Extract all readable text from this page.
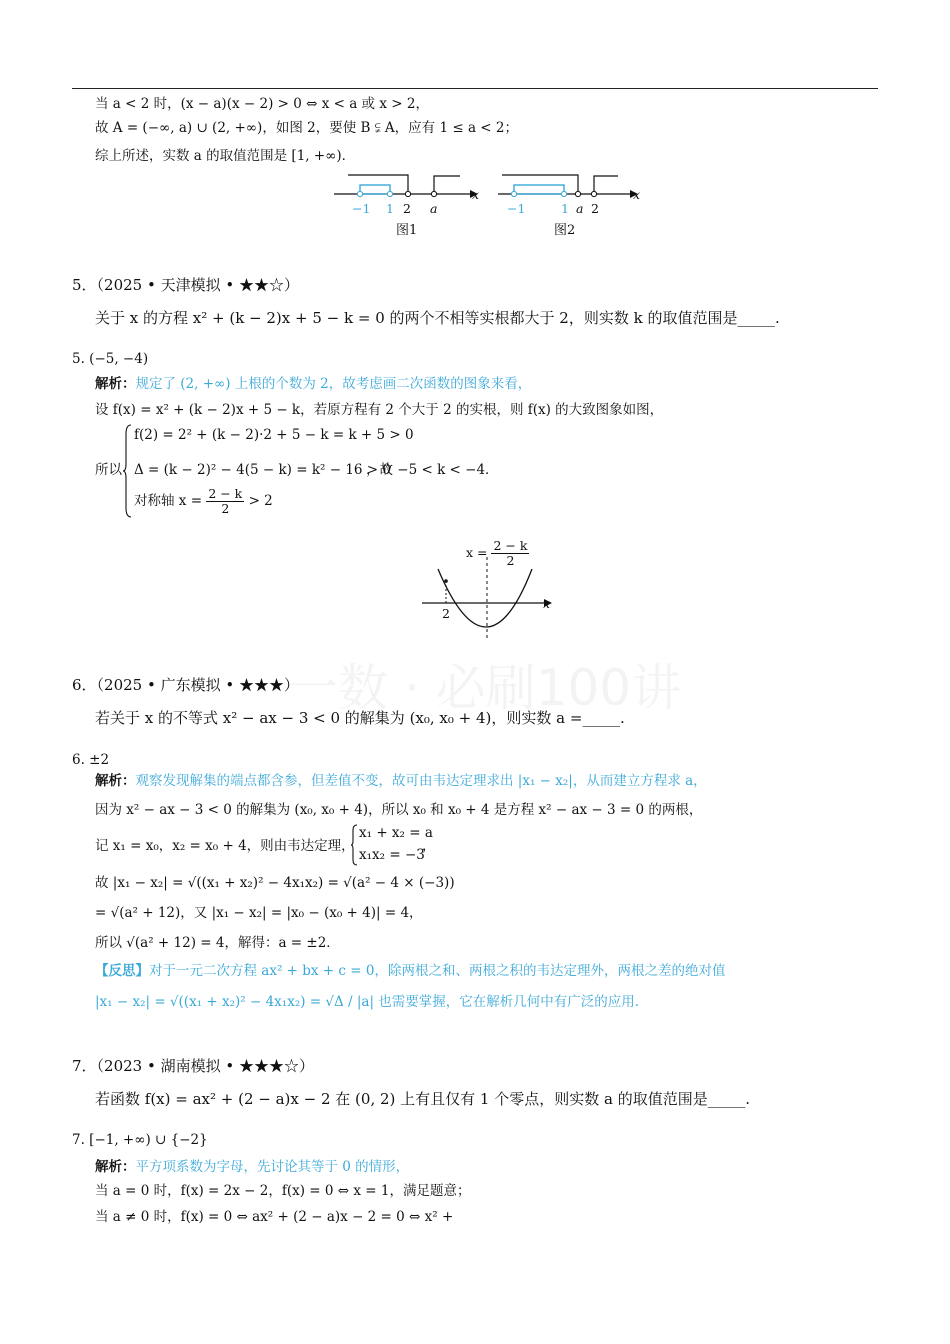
当 a < 2 时，(x − a)(x − 2) > 0 ⇔ x < a 或 x > 2，
故 A = (−∞, a) ∪ (2, +∞)，如图 2，要使 B ⫋ A，应有 1 ≤ a < 2；
综上所述，实数 a 的取值范围是 [1, +∞)．
−1 1 2 a
x
图1
−1	1 a 2
x
图2
5．（2025 • 天津模拟 • ★★☆）
关于 x 的方程 x² + (k − 2)x + 5 − k = 0 的两个不相等实根都大于 2，则实数 k 的取值范围是_____.
5. (−5, −4)
解析：规定了 (2, +∞) 上根的个数为 2，故考虑画二次函数的图象来看，
设 f(x) = x² + (k − 2)x + 5 − k，若原方程有 2 个大于 2 的实根，则 f(x) 的大致图象如图，
所以
f(2) = 2² + (k − 2)·2 + 5 − k = k + 5 > 0
Δ = (k − 2)² − 4(5 − k) = k² − 16 > 0
对称轴 $x = \frac{2 - k}{2} > 2$
，故 −5 < k < −4．
$x = \frac{2 - k}{2}$
2
x
6．（2025 • 广东模拟 • ★★★）
若关于 x 的不等式 x² − ax − 3 < 0 的解集为 (x₀, x₀ + 4)，则实数 a =_____.
6. ±2
解析：观察发现解集的端点都含参，但差值不变，故可由韦达定理求出 |x₁ − x₂|，从而建立方程求 a，
因为 x² − ax − 3 < 0 的解集为 (x₀, x₀ + 4)，所以 x₀ 和 x₀ + 4 是方程 x² − ax − 3 = 0 的两根，
记 x₁ = x₀，x₂ = x₀ + 4，则由韦达定理，
x₁ + x₂ = a
x₁x₂ = −3
，
故 |x₁ − x₂| = √((x₁ + x₂)² − 4x₁x₂) = √(a² − 4 × (−3))
= √(a² + 12)，又 |x₁ − x₂| = |x₀ − (x₀ + 4)| = 4，
所以 √(a² + 12) = 4，解得：a = ±2．
【反思】对于一元二次方程 ax² + bx + c = 0，除两根之和、两根之积的韦达定理外，两根之差的绝对值
|x₁ − x₂| = √((x₁ + x₂)² − 4x₁x₂) = √Δ / |a| 也需要掌握，它在解析几何中有广泛的应用.
7．（2023 • 湖南模拟 • ★★★☆）
若函数 f(x) = ax² + (2 − a)x − 2 在 (0, 2) 上有且仅有 1 个零点，则实数 a 的取值范围是_____.
7. [−1, +∞) ∪ {−2}
解析：平方项系数为字母，先讨论其等于 0 的情形，
当 a = 0 时，f(x) = 2x − 2，f(x) = 0 ⇔ x = 1，满足题意；
当 a ≠ 0 时，f(x) = 0 ⇔ ax² + (2 − a)x − 2 = 0 ⇔ x² +
